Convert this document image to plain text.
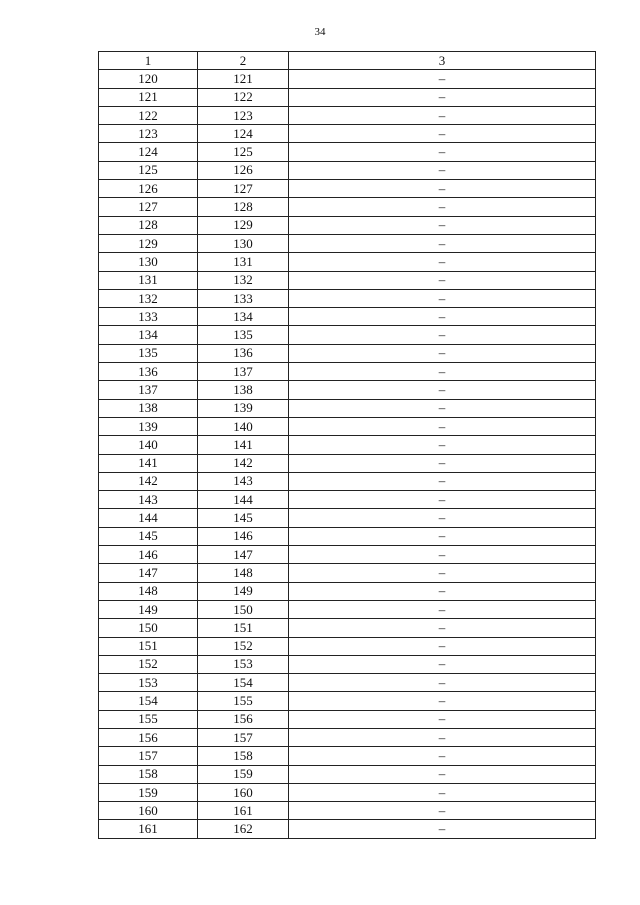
34
1	2	3
120	121	–
121	122	–
122	123	–
123	124	–
124	125	–
125	126	–
126	127	–
127	128	–
128	129	–
129	130	–
130	131	–
131	132	–
132	133	–
133	134	–
134	135	–
135	136	–
136	137	–
137	138	–
138	139	–
139	140	–
140	141	–
141	142	–
142	143	–
143	144	–
144	145	–
145	146	–
146	147	–
147	148	–
148	149	–
149	150	–
150	151	–
151	152	–
152	153	–
153	154	–
154	155	–
155	156	–
156	157	–
157	158	–
158	159	–
159	160	–
160	161	–
161	162	–
